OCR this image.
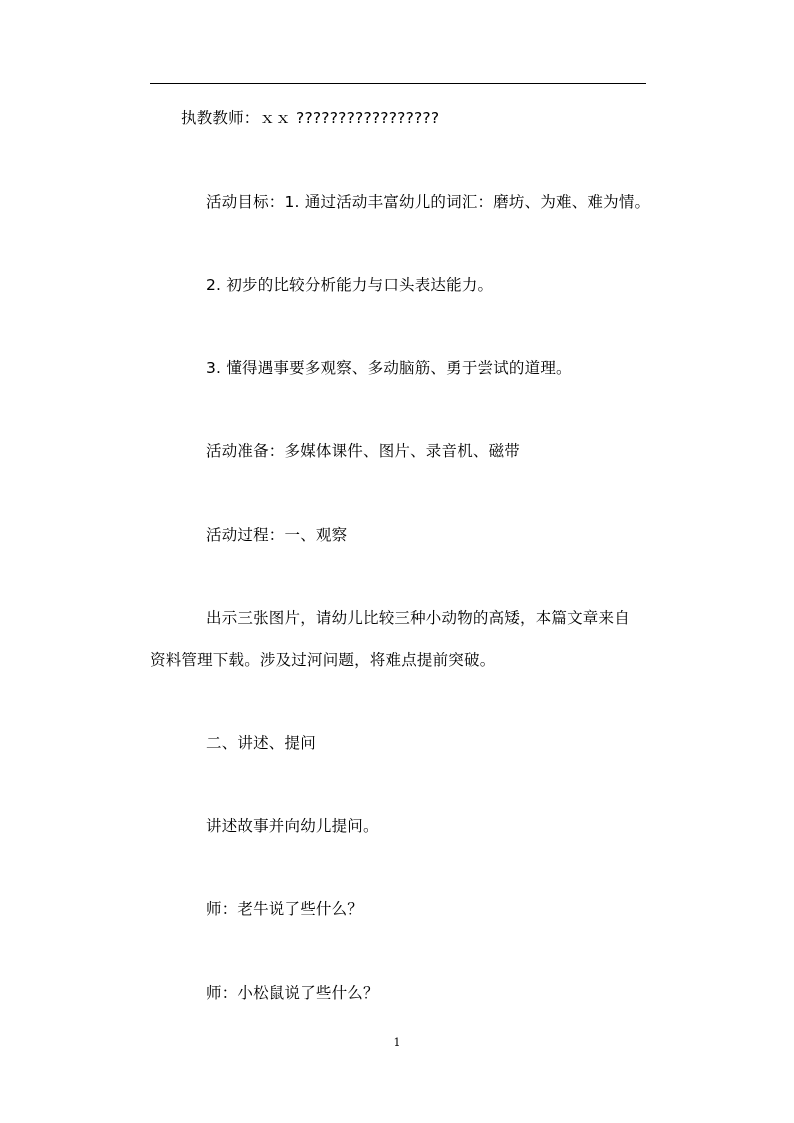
执教教师：ｘｘ ?????????????????
活动目标：1. 通过活动丰富幼儿的词汇：磨坊、为难、难为情。
2. 初步的比较分析能力与口头表达能力。
3. 懂得遇事要多观察、多动脑筋、勇于尝试的道理。
活动准备：多媒体课件、图片、录音机、磁带
活动过程：一、观察
出示三张图片，请幼儿比较三种小动物的高矮，本篇文章来自
资料管理下载。涉及过河问题，将难点提前突破。
二、讲述、提问
讲述故事并向幼儿提问。
师：老牛说了些什么？
师：小松鼠说了些什么？
1
